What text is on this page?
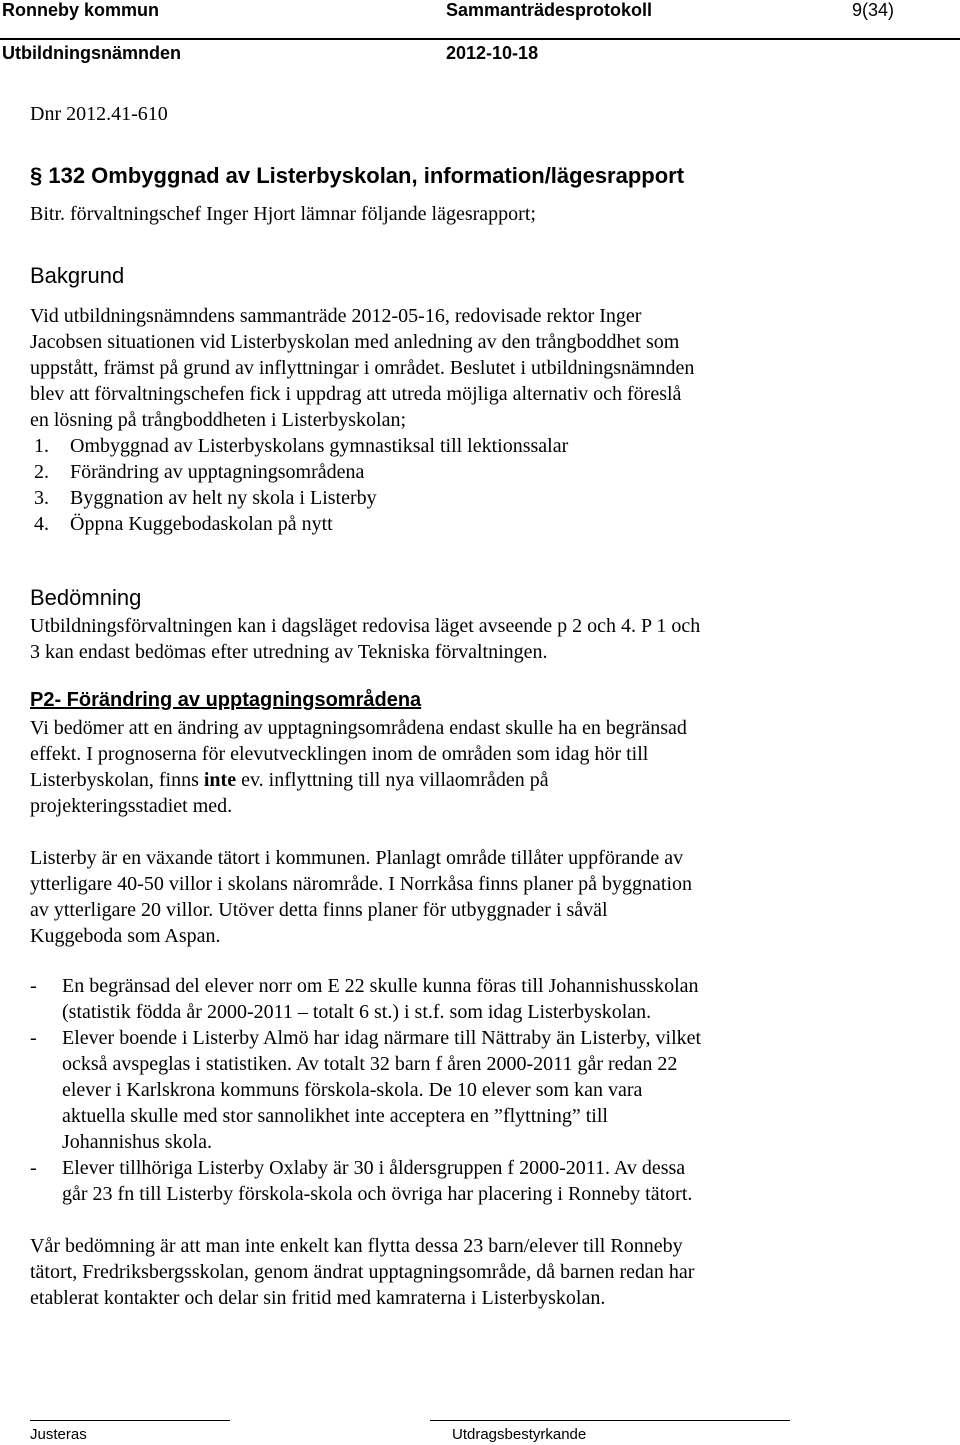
Ronneby kommun	Sammanträdesprotokoll	9(34)
Utbildningsnämnden	2012-10-18
Dnr 2012.41-610
§ 132 Ombyggnad av Listerbyskolan, information/lägesrapport
Bitr. förvaltningschef Inger Hjort lämnar följande lägesrapport;
Bakgrund
Vid utbildningsnämndens sammanträde 2012-05-16, redovisade rektor Inger
Jacobsen situationen vid Listerbyskolan med anledning av den trångboddhet som
uppstått, främst på grund av inflyttningar i området. Beslutet i utbildningsnämnden
blev att förvaltningschefen fick i uppdrag att utreda möjliga alternativ och föreslå
en lösning på trångboddheten i Listerbyskolan;
1. Ombyggnad av Listerbyskolans gymnastiksal till lektionssalar
2. Förändring av upptagningsområdena
3. Byggnation av helt ny skola i Listerby
4. Öppna Kuggebodaskolan på nytt
Bedömning
Utbildningsförvaltningen kan i dagsläget redovisa läget avseende p 2 och 4. P 1 och
3 kan endast bedömas efter utredning av Tekniska förvaltningen.
P2- Förändring av upptagningsområdena
Vi bedömer att en ändring av upptagningsområdena endast skulle ha en begränsad
effekt. I prognoserna för elevutvecklingen inom de områden som idag hör till
Listerbyskolan, finns inte ev. inflyttning till nya villaområden på
projekteringsstadiet med.
Listerby är en växande tätort i kommunen. Planlagt område tillåter uppförande av
ytterligare 40-50 villor i skolans närområde. I Norrkåsa finns planer på byggnation
av ytterligare 20 villor. Utöver detta finns planer för utbyggnader i såväl
Kuggeboda som Aspan.
- En begränsad del elever norr om E 22 skulle kunna föras till Johannishusskolan
(statistik födda år 2000-2011 – totalt 6 st.) i st.f. som idag Listerbyskolan.
- Elever boende i Listerby Almö har idag närmare till Nättraby än Listerby, vilket
också avspeglas i statistiken. Av totalt 32 barn f åren 2000-2011 går redan 22
elever i Karlskrona kommuns förskola-skola. De 10 elever som kan vara
aktuella skulle med stor sannolikhet inte acceptera en ”flyttning” till
Johannishus skola.
- Elever tillhöriga Listerby Oxlaby är 30 i åldersgruppen f 2000-2011. Av dessa
går 23 fn till Listerby förskola-skola och övriga har placering i Ronneby tätort.
Vår bedömning är att man inte enkelt kan flytta dessa 23 barn/elever till Ronneby
tätort, Fredriksbergsskolan, genom ändrat upptagningsområde, då barnen redan har
etablerat kontakter och delar sin fritid med kamraterna i Listerbyskolan.
Justeras	Utdragsbestyrkande
